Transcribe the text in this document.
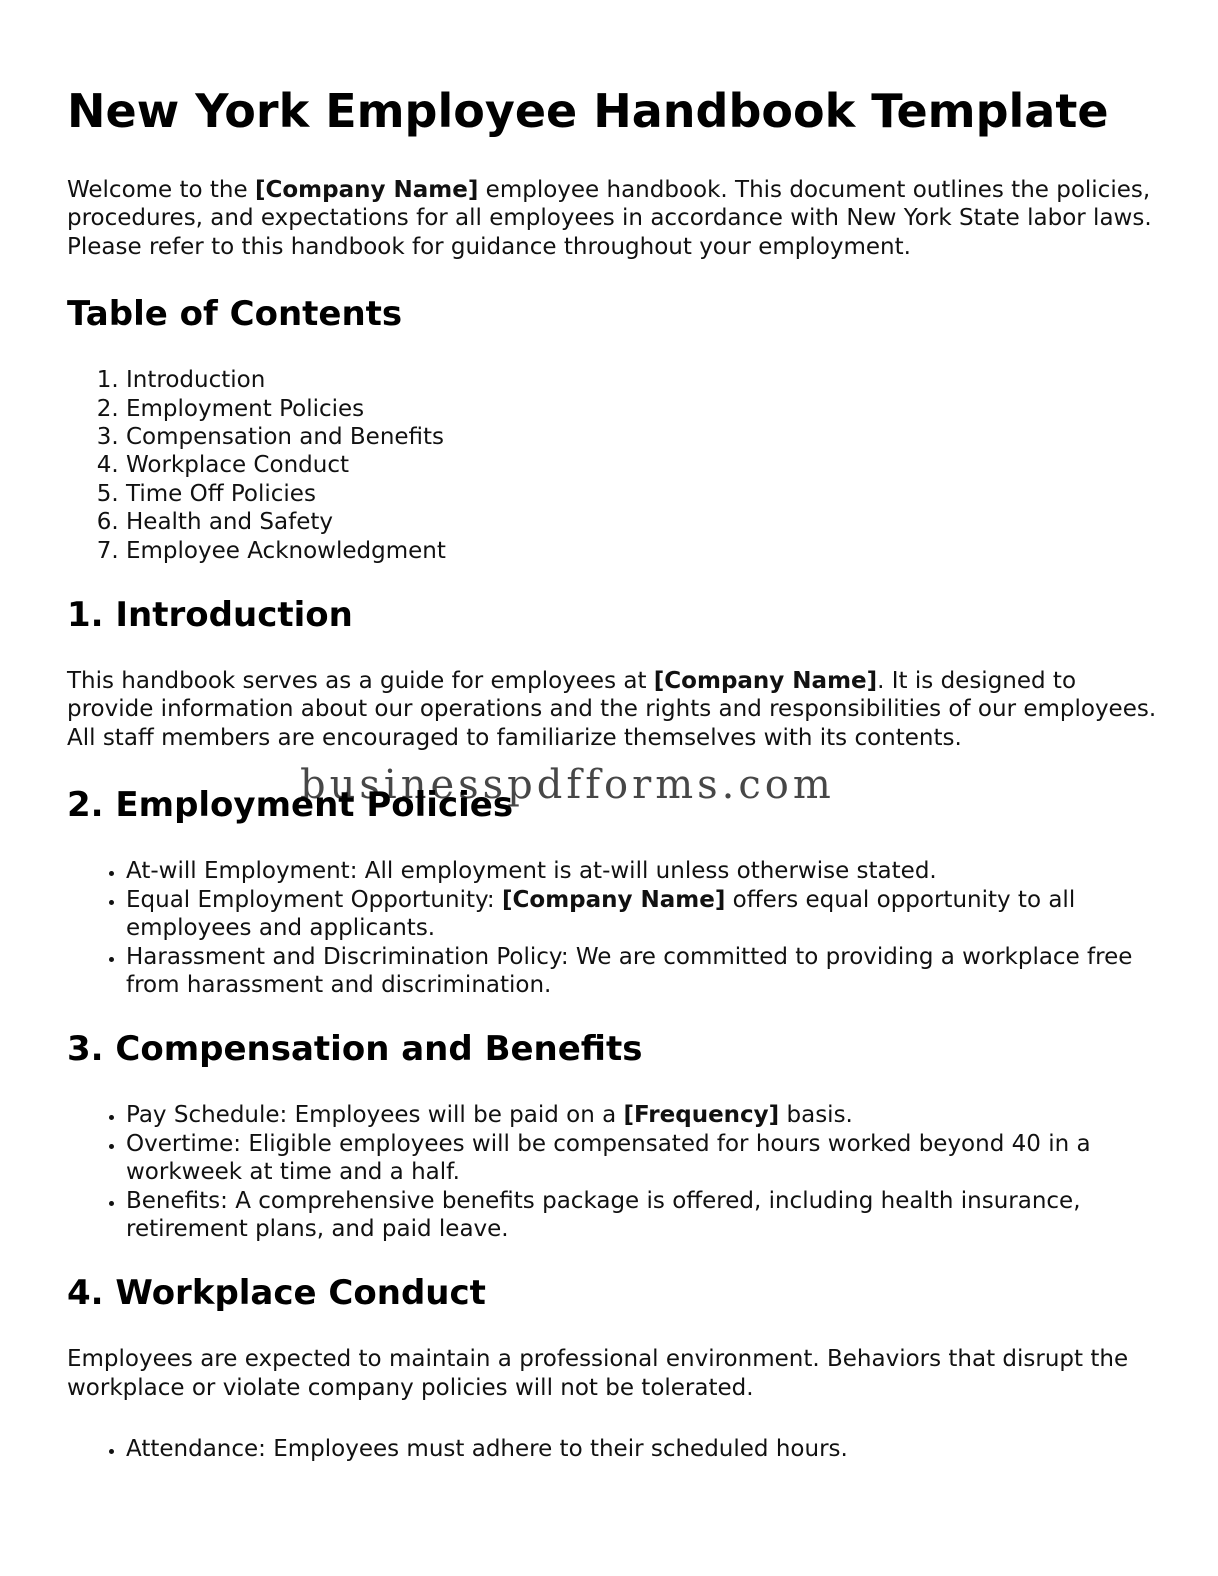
New York Employee Handbook Template

Welcome to the [Company Name] employee handbook. This document outlines the policies, procedures, and expectations for all employees in accordance with New York State labor laws. Please refer to this handbook for guidance throughout your employment.

Table of Contents
1. Introduction
2. Employment Policies
3. Compensation and Benefits
4. Workplace Conduct
5. Time Off Policies
6. Health and Safety
7. Employee Acknowledgment
1. Introduction

This handbook serves as a guide for employees at [Company Name]. It is designed to provide information about our operations and the rights and responsibilities of our employees. All staff members are encouraged to familiarize themselves with its contents.

2. Employment Policies
• At-will Employment: All employment is at-will unless otherwise stated.
• Equal Employment Opportunity: [Company Name] offers equal opportunity to all employees and applicants.
• Harassment and Discrimination Policy: We are committed to providing a workplace free from harassment and discrimination.
3. Compensation and Benefits
• Pay Schedule: Employees will be paid on a [Frequency] basis.
• Overtime: Eligible employees will be compensated for hours worked beyond 40 in a workweek at time and a half.
• Benefits: A comprehensive benefits package is offered, including health insurance, retirement plans, and paid leave.
4. Workplace Conduct

Employees are expected to maintain a professional environment. Behaviors that disrupt the workplace or violate company policies will not be tolerated.

• Attendance: Employees must adhere to their scheduled hours.
businesspdfforms.com
